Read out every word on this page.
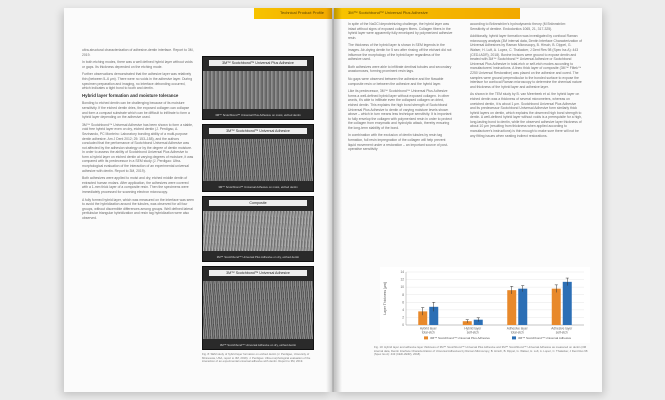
Technical Product Profile

ultra-structural characterization of adhesive-dentin interface. Report to 3M, 2019.

In both etching modes, there was a well defined hybrid layer without voids or gaps. Its thickness depended on the etching mode.

Further observations demonstrated that the adhesive layer was relatively thin (between 5–6 μm). There were no voids in the adhesive layer. During specimen preparation and imaging, no interface debonding occurred, which indicates a tight bond to tooth and dentin.

Hybrid layer formation and moisture tolerance

Bonding to etched dentin can be challenging because of its moisture sensitivity. If the etched dentin dries, the exposed collagen can collapse and form a compact substrate which can be difficult to infiltrate to form a hybrid layer depending on the adhesive used.

3M™ Scotchbond™ Universal Adhesive has been shown to form a stable, void free hybrid layer even on dry, etched dentin (J. Perdigao, A. Sezinando, PC Monteiro: Laboratory bonding ability of a multi-purpose dentin adhesive. Am J Dent 2012; 25: 153–158), and the authors concluded that the performance of Scotchbond Universal Adhesive was not affected by the adhesion strategy or by the degree of dentin moisture. In order to assess the ability of Scotchbond Universal Plus Adhesive to form a hybrid layer on etched dentin at varying degrees of moisture, it was compared with its predecessor in a SEM study (J. Perdigao: Ultra-morphological evaluation of the interaction of an experimental universal adhesive with dentin. Report to 3M, 2019).

Both adhesives were applied to moist and dry, etched middle dentin of extracted human molars. After application, the adhesives were covered with a 1-mm thick layer of a composite resin. Then the specimens were immediately processed for scanning electron microscopy.

A fully formed hybrid layer, which was measured on the interface was seen to avoid the hybridization around the tubules, was observed for all four groups, without discernible differences among groups. Well defined lateral peritubular triangular hybridization and resin tag hybridization were also observed.

3M™ Scotchbond™ Universal Plus Adhesive
3M™ Scotchbond™ Universal Plus Adhesive on moist, etched dentin
3M™ Scotchbond™ Universal Adhesive
3M™ Scotchbond™ Universal Adhesive on moist, etched dentin
Composite
3M™ Scotchbond™ Universal Plus Adhesive on dry, etched dentin
3M™ Scotchbond™ Universal Adhesive
3M™ Scotchbond™ Universal Adhesive on dry, etched dentin
Fig. 8: SEM study of hybrid layer formation on etched dentin (J. Perdigao, University of Minnesota, USA, report to 3M, 2019). J. Perdigao: Ultra-morphological evaluation of the interaction of an experimental universal adhesive with dentin. Report to 3M, 2019.
3M™ Scotchbond™ Universal Plus Adhesive

In spite of the NaOCl deproteinizing challenge, the hybrid layer was intact without signs of exposed collagen fibers. Collagen fibers in the hybrid layer were apparently fully enveloped by polymerized adhesive resin.

The thickness of the hybrid layer is shown in SEM legends in the images. Air-drying dentin for 5 sec after rinsing off the etchant did not influence the morphology of the hybrid layer regardless of the adhesive used.

Both adhesives were able to infiltrate dentinal tubules and secondary anastomoses, forming prominent resin tags.

No gaps were observed between the adhesive and the flowable composite resin or between the adhesive and the hybrid layer.

Like its predecessor, 3M™ Scotchbond™ Universal Plus Adhesive forms a well-defined hybrid layer without exposed collagen. In other words, it's able to infiltrate even the collapsed collagen on dried, etched dentin. This explains the high bond strength of Scotchbond Universal Plus Adhesive to dentin of varying moisture levels shown above – which in turn means less technique sensitivity. It is important to fully envelop the collagen with polymerized resin in order to protect the collagen from enzymatic and hydrolytic attack, thereby ensuring the long-term stability of the bond.

In combination with the exclusion of dentin tubules by resin tag formation, full resin impregnation of the collagen will help prevent liquid movement under a restoration – an important source of post-operative sensitivity

according to Brännström's hydrodynamic theory (M Brännström: Sensitivity of dentine. Endodontics 1065, 21, 317-325).

Additionally, hybrid layer formation was investigated by confocal Raman microscopy analysis (3M internal data, Dentin Interface Characterization of Universal Adhesives by Raman Microscopy, B. Hirsch, B. Dippel, G. Walser, H. Luft, A. Lopez, C. Thalacker, J Dent Res 98 (Spec Iss A): 443 (CED-IADR), 2018). Bovine incisors were ground to expose dentin and treated with 3M™ Scotchbond™ Universal Adhesive or Scotchbond Universal Plus Adhesive in total-etch or self-etch modes according to manufacturers' instructions. A lineo thick layer of composite (3M™ Filtek™ Z250 Universal Restorative) was placed on the adhesive and cured. The samples were ground perpendicular to the bonded surface to expose the interface for confocal Raman microscopy to determine the chemical nature and thickness of the hybrid layer and adhesive layer.

As shown in the TEM study by B. van Meerbeek et al. the hybrid layer on etched dentin was a thickness of several micrometers, whereas on unetched dentin, it is about 1 μm. Scotchbond Universal Plus Adhesive and its predecessor Scotchbond Universal Adhesive form similarly thick hybrid layers on dentin, which explains the observed high bond strength to dentin. A well-defined hybrid layer without voids is a prerequisite for a high, long-lasting bond to dentin, while the observed adhesive layer thickness of about 10 μm (resulting from thickness when applied according to manufacturer's instructions) is thin enough to make sure there will not be any fitting issues when seating indirect restorations.

0
2
4
6
8
10
12
14
Layer Thickness [μm]
Hybrid layer
total-etch
Hybrid layer
self-etch
Adhesive layer
total-etch
Adhesive layer
self-etch
3M™ Scotchbond™ Universal Plus Adhesive	3M™ Scotchbond™ Universal Adhesive
Fig. 10: Hybrid layer and adhesive layer thickness of 3M™ Scotchbond™ Universal Plus Adhesive and 3M™ Scotchbond™ Universal Adhesive as measured on dentin (3M internal data, Dentin Interface Characterization of Universal Adhesives by Raman Microscopy, B. Hirsch, B. Dippel, G. Walser, H. Luft, A. Lopez, C. Thalacker, J Dent Res 98 (Spec Iss A): 443 (CED-IADR), 2018).
